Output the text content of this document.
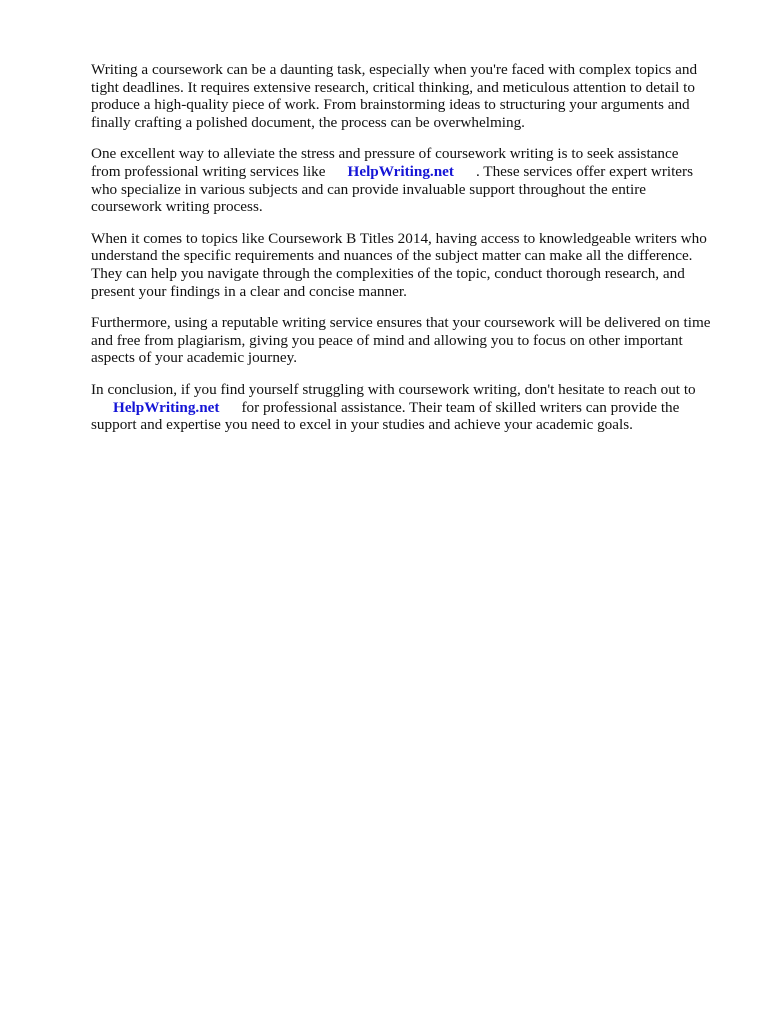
Writing a coursework can be a daunting task, especially when you're faced with complex topics and
tight deadlines. It requires extensive research, critical thinking, and meticulous attention to detail to
produce a high-quality piece of work. From brainstorming ideas to structuring your arguments and
finally crafting a polished document, the process can be overwhelming.

One excellent way to alleviate the stress and pressure of coursework writing is to seek assistance
from professional writing services like HelpWriting.net . These services offer expert writers
who specialize in various subjects and can provide invaluable support throughout the entire
coursework writing process.

When it comes to topics like Coursework B Titles 2014, having access to knowledgeable writers who
understand the specific requirements and nuances of the subject matter can make all the difference.
They can help you navigate through the complexities of the topic, conduct thorough research, and
present your findings in a clear and concise manner.

Furthermore, using a reputable writing service ensures that your coursework will be delivered on time
and free from plagiarism, giving you peace of mind and allowing you to focus on other important
aspects of your academic journey.

In conclusion, if you find yourself struggling with coursework writing, don't hesitate to reach out to
HelpWriting.net for professional assistance. Their team of skilled writers can provide the
support and expertise you need to excel in your studies and achieve your academic goals.
